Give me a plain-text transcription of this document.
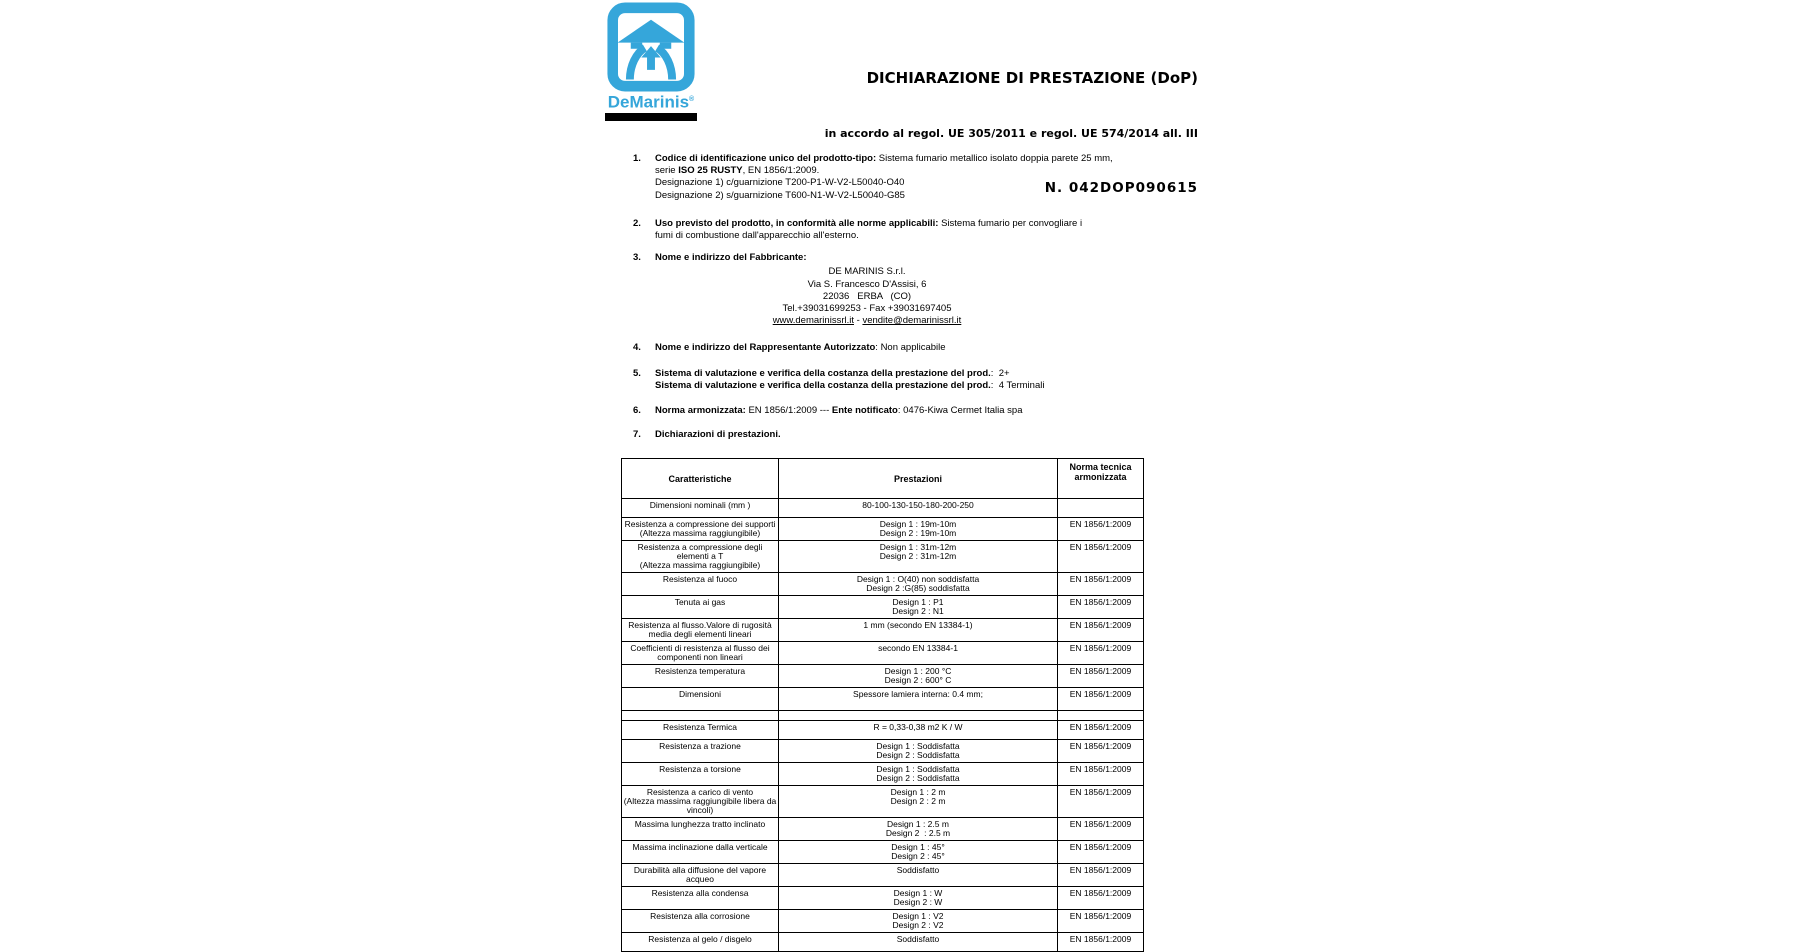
DeMarinis®

DICHIARAZIONE DI PRESTAZIONE (DoP)

in accordo al regol. UE 305/2011 e regol. UE 574/2014 all. III

N. 042DOP090615

1.	Codice di identificazione unico del prodotto-tipo: Sistema fumario metallico isolato doppia parete 25 mm,
serie ISO 25 RUSTY, EN 1856/1:2009.
Designazione 1) c/guarnizione T200-P1-W-V2-L50040-O40
Designazione 2) s/guarnizione T600-N1-W-V2-L50040-G85
2.	Uso previsto del prodotto, in conformità alle norme applicabili: Sistema fumario per convogliare i
fumi di combustione dall'apparecchio all'esterno.
3.	Nome e indirizzo del Fabbricante:
DE MARINIS S.r.l.
Via S. Francesco D'Assisi, 6
22036   ERBA   (CO)
Tel.+39031699253 - Fax +39031697405
www.demarinissrl.it - vendite@demarinissrl.it
4.	Nome e indirizzo del Rappresentante Autorizzato: Non applicabile
5.	Sistema di valutazione e verifica della costanza della prestazione del prod.:  2+
Sistema di valutazione e verifica della costanza della prestazione del prod.:  4 Terminali
6.	Norma armonizzata: EN 1856/1:2009 --- Ente notificato: 0476-Kiwa Cermet Italia spa
7.	Dichiarazioni di prestazioni.
Caratteristiche	Prestazioni	Norma tecnica
armonizzata
Dimensioni nominali (mm )	80-100-130-150-180-200-250	
Resistenza a compressione dei supporti
(Altezza massima raggiungibile)	Design 1 : 19m-10m
Design 2 : 19m-10m	EN 1856/1:2009
Resistenza a compressione degli
elementi a T
(Altezza massima raggiungibile)	Design 1 : 31m-12m
Design 2 : 31m-12m	EN 1856/1:2009
Resistenza al fuoco	Design 1 : O(40) non soddisfatta
Design 2 :G(85) soddisfatta	EN 1856/1:2009
Tenuta ai gas	Design 1 : P1
Design 2 : N1	EN 1856/1:2009
Resistenza al flusso.Valore di rugosità
media degli elementi lineari	1 mm (secondo EN 13384-1)	EN 1856/1:2009
Coefficienti di resistenza al flusso dei
componenti non lineari	secondo EN 13384-1	EN 1856/1:2009
Resistenza temperatura	Design 1 : 200 °C
Design 2 : 600° C	EN 1856/1:2009
Dimensioni	Spessore lamiera interna: 0.4 mm;	EN 1856/1:2009

Resistenza Termica	R = 0,33-0,38 m2 K / W	EN 1856/1:2009
Resistenza a trazione	Design 1 : Soddisfatta
Design 2 : Soddisfatta	EN 1856/1:2009
Resistenza a torsione	Design 1 : Soddisfatta
Design 2 : Soddisfatta	EN 1856/1:2009
Resistenza a carico di vento
(Altezza massima raggiungibile libera da
vincoli)	Design 1 : 2 m
Design 2 : 2 m	EN 1856/1:2009
Massima lunghezza tratto inclinato	Design 1 : 2.5 m
Design 2  : 2.5 m	EN 1856/1:2009
Massima inclinazione dalla verticale	Design 1 : 45°
Design 2 : 45°	EN 1856/1:2009
Durabilità alla diffusione del vapore
acqueo	Soddisfatto	EN 1856/1:2009
Resistenza alla condensa	Design 1 : W
Design 2 : W	EN 1856/1:2009
Resistenza alla corrosione	Design 1 : V2
Design 2 : V2	EN 1856/1:2009
Resistenza al gelo / disgelo	Soddisfatto	EN 1856/1:2009
